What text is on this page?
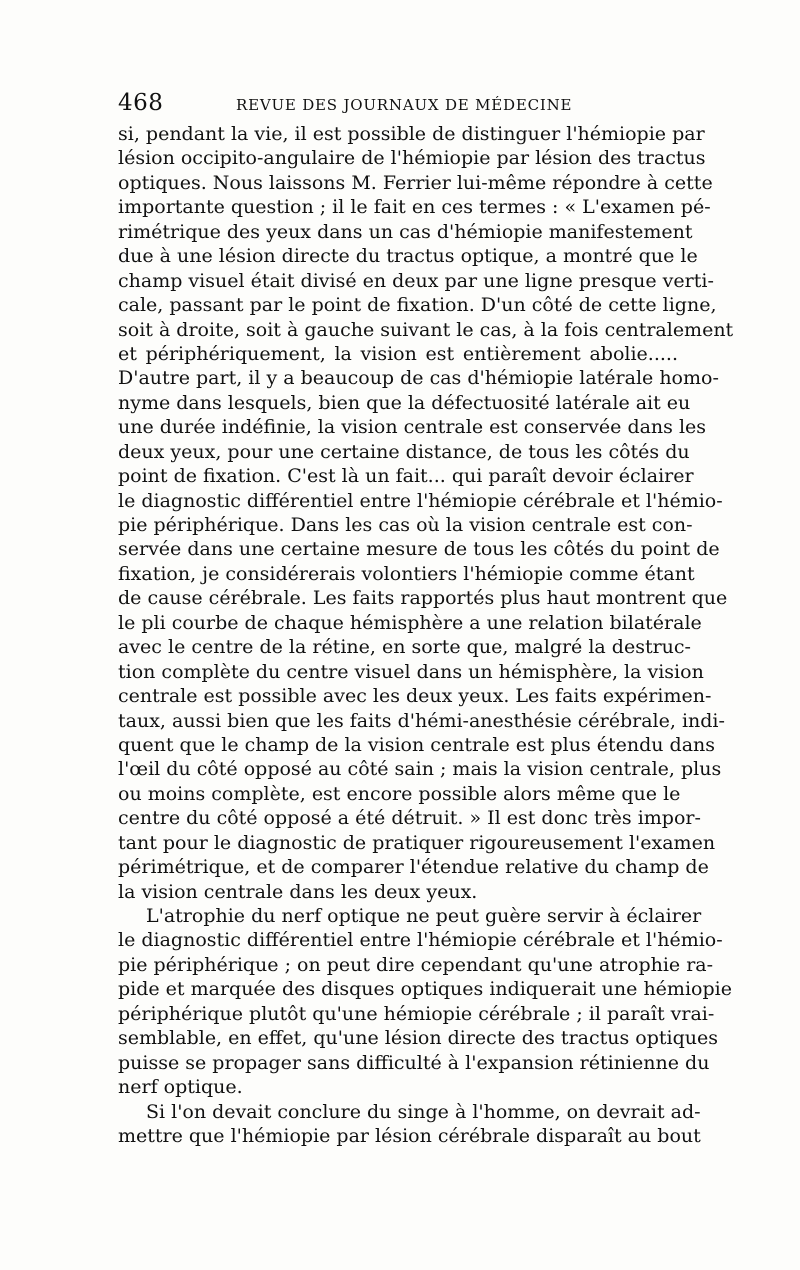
468	REVUE DES JOURNAUX DE MÉDECINE
si, pendant la vie, il est possible de distinguer l'hémiopie par
lésion occipito-angulaire de l'hémiopie par lésion des tractus
optiques. Nous laissons M. Ferrier lui-même répondre à cette
importante question ; il le fait en ces termes : « L'examen pé-
rimétrique des yeux dans un cas d'hémiopie manifestement
due à une lésion directe du tractus optique, a montré que le
champ visuel était divisé en deux par une ligne presque verti-
cale, passant par le point de fixation. D'un côté de cette ligne,
soit à droite, soit à gauche suivant le cas, à la fois centralement
et périphériquement, la vision est entièrement abolie.....
D'autre part, il y a beaucoup de cas d'hémiopie latérale homo-
nyme dans lesquels, bien que la défectuosité latérale ait eu
une durée indéfinie, la vision centrale est conservée dans les
deux yeux, pour une certaine distance, de tous les côtés du
point de fixation. C'est là un fait... qui paraît devoir éclairer
le diagnostic différentiel entre l'hémiopie cérébrale et l'hémio-
pie périphérique. Dans les cas où la vision centrale est con-
servée dans une certaine mesure de tous les côtés du point de
fixation, je considérerais volontiers l'hémiopie comme étant
de cause cérébrale. Les faits rapportés plus haut montrent que
le pli courbe de chaque hémisphère a une relation bilatérale
avec le centre de la rétine, en sorte que, malgré la destruc-
tion complète du centre visuel dans un hémisphère, la vision
centrale est possible avec les deux yeux. Les faits expérimen-
taux, aussi bien que les faits d'hémi-anesthésie cérébrale, indi-
quent que le champ de la vision centrale est plus étendu dans
l'œil du côté opposé au côté sain ; mais la vision centrale, plus
ou moins complète, est encore possible alors même que le
centre du côté opposé a été détruit. » Il est donc très impor-
tant pour le diagnostic de pratiquer rigoureusement l'examen
périmétrique, et de comparer l'étendue relative du champ de
la vision centrale dans les deux yeux.
L'atrophie du nerf optique ne peut guère servir à éclairer
le diagnostic différentiel entre l'hémiopie cérébrale et l'hémio-
pie périphérique ; on peut dire cependant qu'une atrophie ra-
pide et marquée des disques optiques indiquerait une hémiopie
périphérique plutôt qu'une hémiopie cérébrale ; il paraît vrai-
semblable, en effet, qu'une lésion directe des tractus optiques
puisse se propager sans difficulté à l'expansion rétinienne du
nerf optique.
Si l'on devait conclure du singe à l'homme, on devrait ad-
mettre que l'hémiopie par lésion cérébrale disparaît au bout
